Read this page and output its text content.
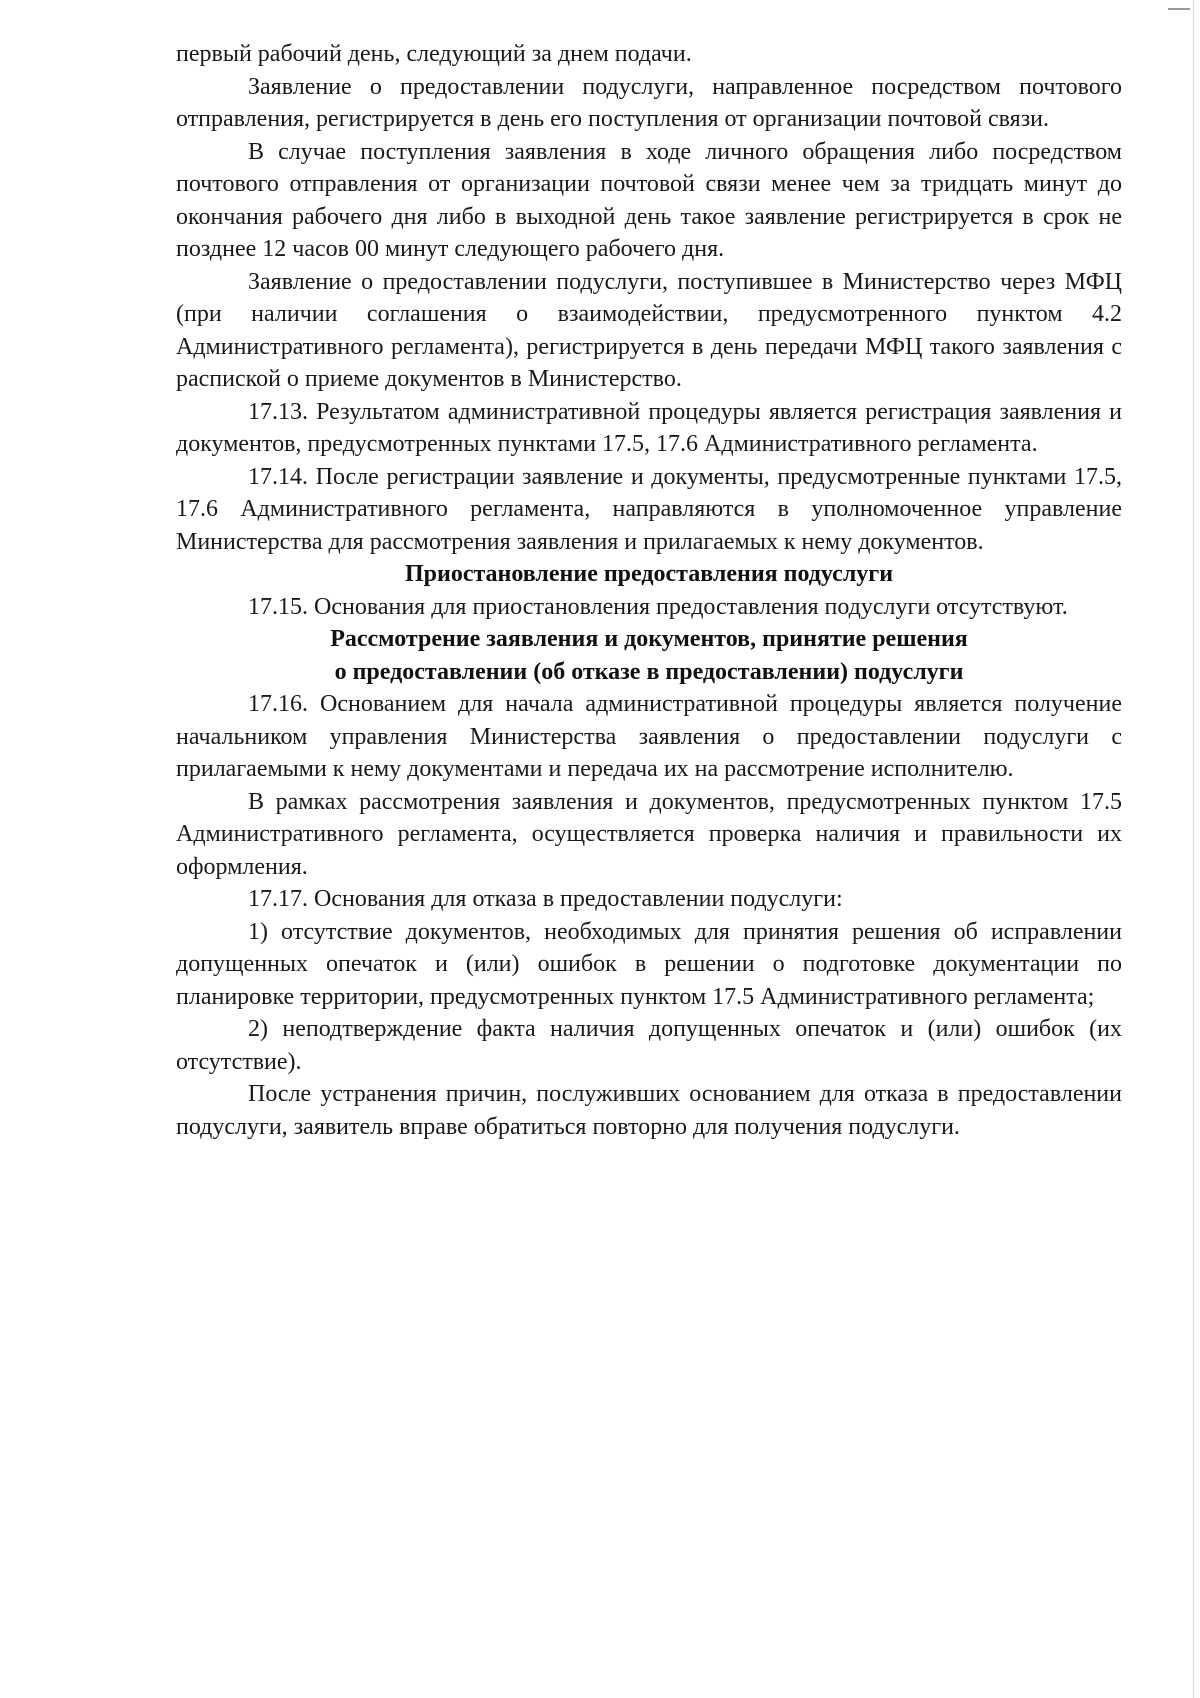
первый рабочий день, следующий за днем подачи.

Заявление о предоставлении подуслуги, направленное посредством почтового отправления, регистрируется в день его поступления от организации почтовой связи.

В случае поступления заявления в ходе личного обращения либо посредством почтового отправления от организации почтовой связи менее чем за тридцать минут до окончания рабочего дня либо в выходной день такое заявление регистрируется в срок не позднее 12 часов 00 минут следующего рабочего дня.

Заявление о предоставлении подуслуги, поступившее в Министерство через МФЦ (при наличии соглашения о взаимодействии, предусмотренного пунктом 4.2 Административного регламента), регистрируется в день передачи МФЦ такого заявления с распиской о приеме документов в Министерство.

17.13. Результатом административной процедуры является регистрация заявления и документов, предусмотренных пунктами 17.5, 17.6 Административного регламента.

17.14. После регистрации заявление и документы, предусмотренные пунктами 17.5, 17.6 Административного регламента, направляются в уполномоченное управление Министерства для рассмотрения заявления и прилагаемых к нему документов.

Приостановление предоставления подуслуги

17.15. Основания для приостановления предоставления подуслуги отсутствуют.

Рассмотрение заявления и документов, принятие решения
о предоставлении (об отказе в предоставлении) подуслуги

17.16. Основанием для начала административной процедуры является получение начальником управления Министерства заявления о предоставлении подуслуги с прилагаемыми к нему документами и передача их на рассмотрение исполнителю.

В рамках рассмотрения заявления и документов, предусмотренных пунктом 17.5 Административного регламента, осуществляется проверка наличия и правильности их оформления.

17.17. Основания для отказа в предоставлении подуслуги:

1) отсутствие документов, необходимых для принятия решения об исправлении допущенных опечаток и (или) ошибок в решении о подготовке документации по планировке территории, предусмотренных пунктом 17.5 Административного регламента;

2) неподтверждение факта наличия допущенных опечаток и (или) ошибок (их отсутствие).

После устранения причин, послуживших основанием для отказа в предоставлении подуслуги, заявитель вправе обратиться повторно для получения подуслуги.
